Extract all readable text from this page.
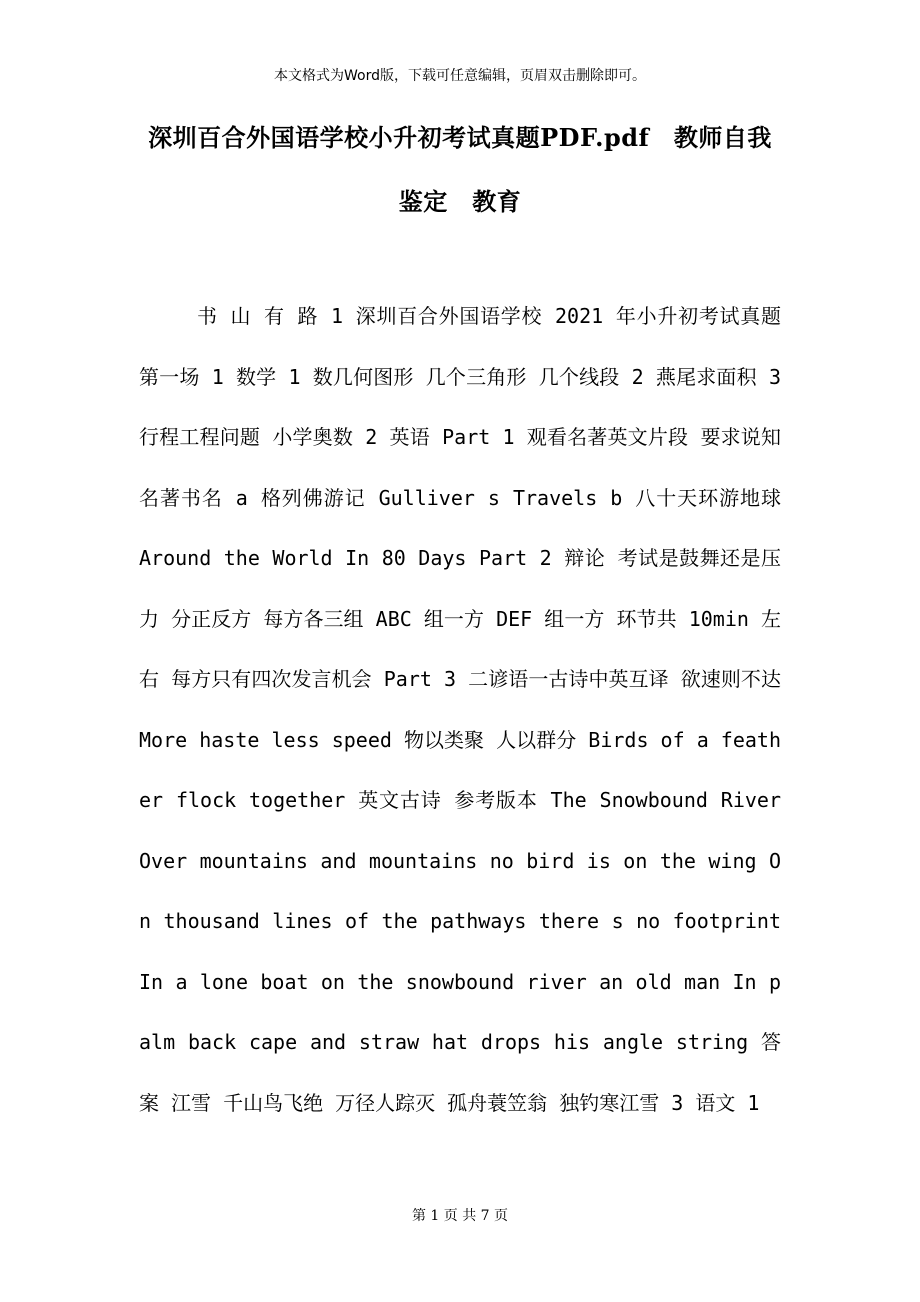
本文格式为Word版，下载可任意编辑，页眉双击删除即可。
深圳百合外国语学校小升初考试真题PDF.pdf　教师自我鉴定　教育
书 山 有 路 1 深圳百合外国语学校 2021 年小升初考试真题 第一场 1 数学 1 数几何图形 几个三角形 几个线段 2 燕尾求面积 3 行程工程问题 小学奥数 2 英语 Part 1 观看名著英文片段 要求说知名著书名 a 格列佛游记 Gulliver s Travels b 八十天环游地球 Around the World In 80 Days Part 2 辩论 考试是鼓舞还是压力 分正反方 每方各三组 ABC 组一方 DEF 组一方 环节共 10min 左右 每方只有四次发言机会 Part 3 二谚语一古诗中英互译 欲速则不达 More haste less speed 物以类聚 人以群分 Birds of a feather flock together 英文古诗 参考版本 The Snowbound River Over mountains and mountains no bird is on the wing On thousand lines of the pathways there s no footprint In a lone boat on the snowbound river an old man In palm back cape and straw hat drops his angle string 答案 江雪 千山鸟飞绝 万径人踪灭 孤舟蓑笠翁 独钓寒江雪 3 语文 1
第 1 页 共 7 页
